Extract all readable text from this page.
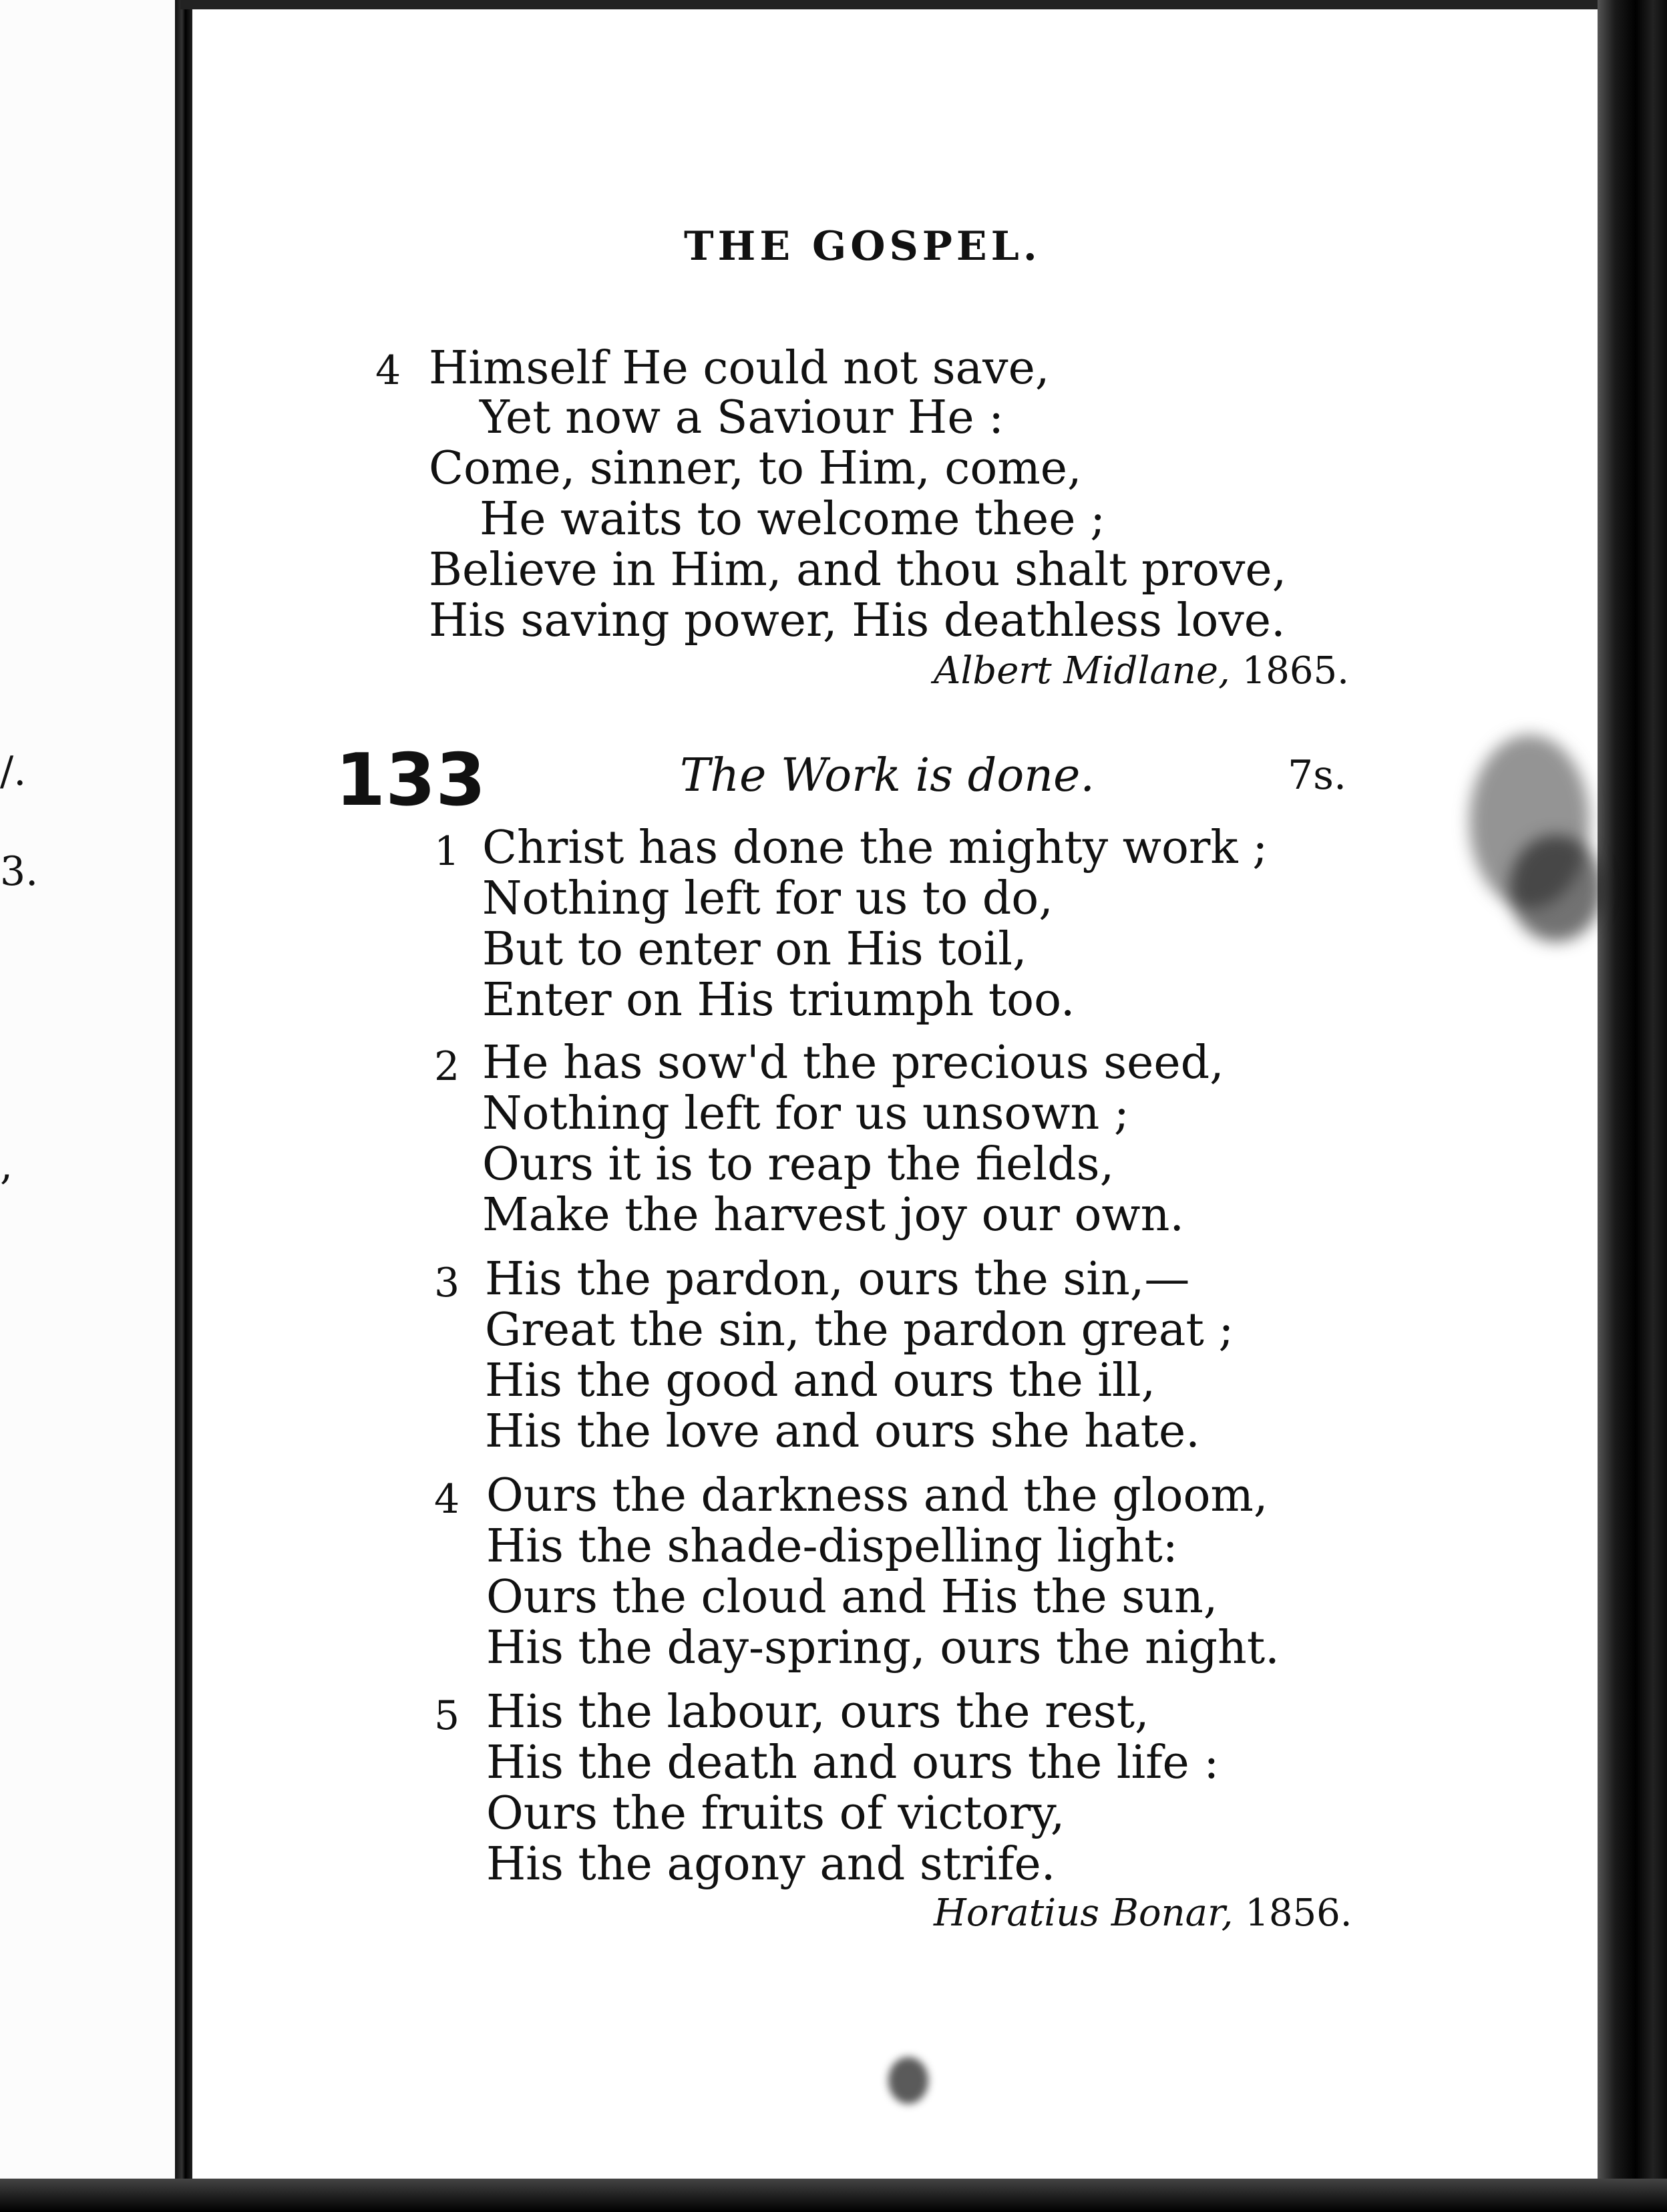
/.
3.
,
THE GOSPEL.
4 Himself He could not save,
Yet now a Saviour He :
Come, sinner, to Him, come,
He waits to welcome thee ;
Believe in Him, and thou shalt prove,
His saving power, His deathless love.
Albert Midlane, 1865.
133	The Work is done.	7s.
1 Christ has done the mighty work ;
Nothing left for us to do,
But to enter on His toil,
Enter on His triumph too.
2 He has sow'd the precious seed,
Nothing left for us unsown ;
Ours it is to reap the fields,
Make the harvest joy our own.
3 His the pardon, ours the sin,—
Great the sin, the pardon great ;
His the good and ours the ill,
His the love and ours she hate.
4 Ours the darkness and the gloom,
His the shade-dispelling light:
Ours the cloud and His the sun,
His the day-spring, ours the night.
5 His the labour, ours the rest,
His the death and ours the life :
Ours the fruits of victory,
His the agony and strife.
Horatius Bonar, 1856.
